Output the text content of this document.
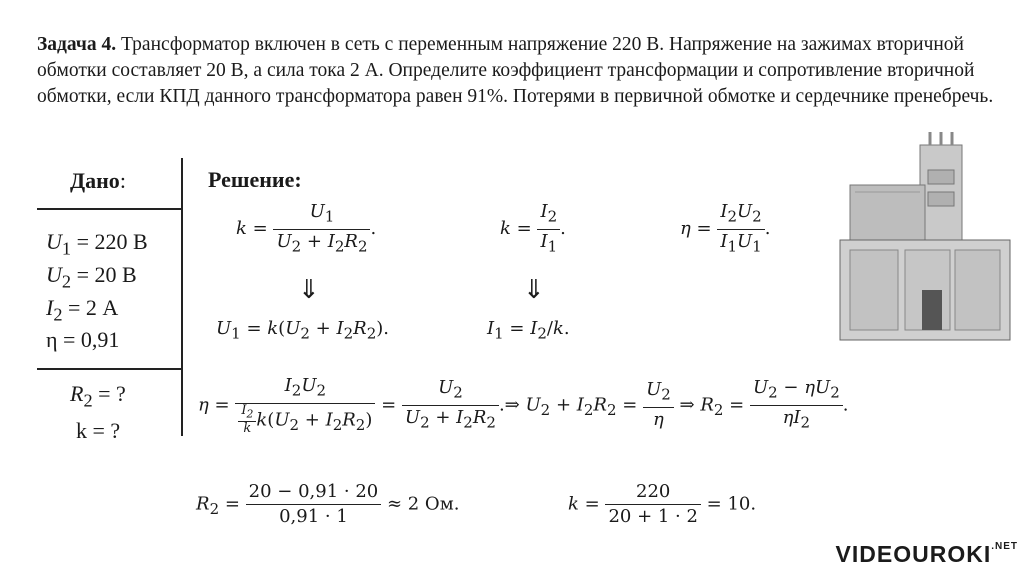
Задача 4. Трансформатор включен в сеть с переменным напряжение 220 В. Напряжение на зажимах вторичной обмотки составляет 20 В, а сила тока 2 А. Определите коэффициент трансформации и сопротивление вторичной обмотки, если КПД данного трансформатора равен 91%. Потерями в первичной обмотке и сердечнике пренебречь.
Дано:
$U_1 = 220$ В
$U_2 = 20$ В
$I_2 = 2$ А
η = 0,91
$R_2$ = ?
k = ?
Решение:
$k = \frac{U_1}{U_2 + I_2R_2}$ .	$k = \frac{I_2}{I_1}$ .	$\eta = \frac{I_2U_2}{I_1U_1}$ .
⇓	⇓
$U_1 = k(U_2 + I_2R_2)$.	$I_1 = I_2/k$.
$\eta = \frac{I_2U_2}{\frac{I_2}{k} k(U_2 + I_2R_2)} = \frac{U_2}{U_2 + I_2R_2}$ .⇒ $U_2 + I_2R_2 = \frac{U_2}{\eta}$ ⇒ $R_2 = \frac{U_2 - \eta U_2}{\eta I_2}$ .
$R_2 = \frac{20 - 0,91 \cdot 20}{0,91 \cdot 1} \approx 2$ Ом.	$k = \frac{220}{20 + 1 \cdot 2} = 10$.
$VIDEOUROKI^{.NET}$
